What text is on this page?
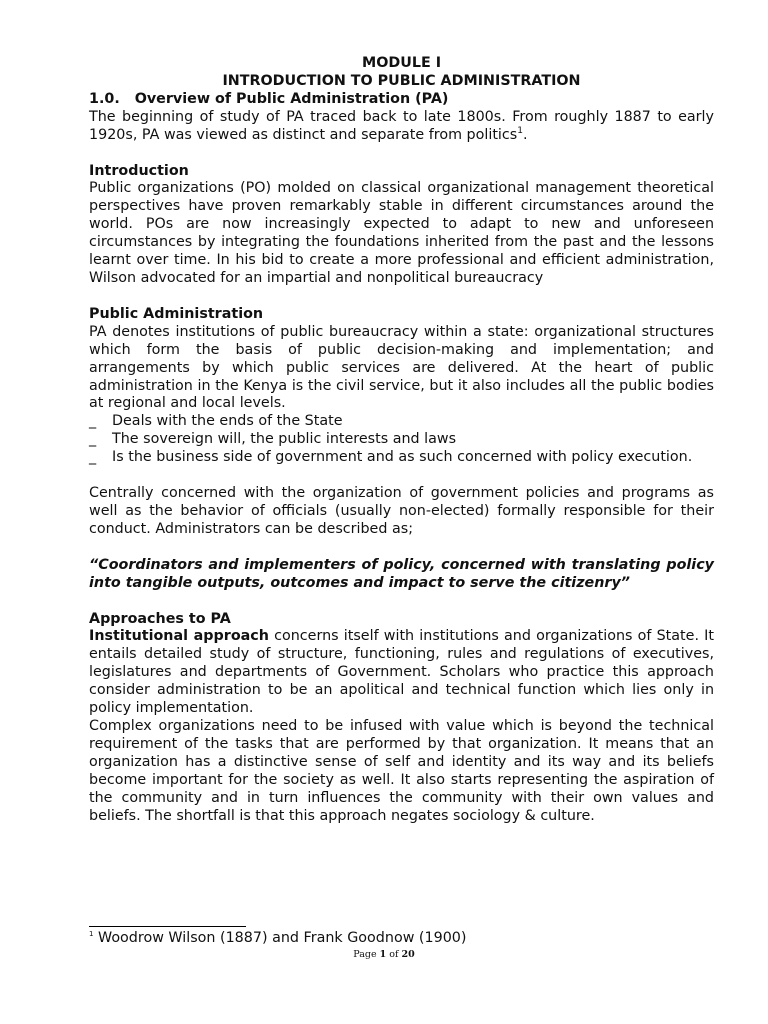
MODULE I
INTRODUCTION TO PUBLIC ADMINISTRATION
1.0. Overview of Public Administration (PA)

The beginning of study of PA traced back to late 1800s. From roughly 1887 to early 1920s, PA was viewed as distinct and separate from politics$^1$.

Introduction

Public organizations (PO) molded on classical organizational management theoretical perspectives have proven remarkably stable in different circumstances around the world. POs are now increasingly expected to adapt to new and unforeseen circumstances by integrating the foundations inherited from the past and the lessons learnt over time. In his bid to create a more professional and efficient administration, Wilson advocated for an impartial and nonpolitical bureaucracy

Public Administration

PA denotes institutions of public bureaucracy within a state: organizational structures which form the basis of public decision-making and implementation; and arrangements by which public services are delivered. At the heart of public administration in the Kenya is the civil service, but it also includes all the public bodies at regional and local levels.

_ Deals with the ends of the State
_ The sovereign will, the public interests and laws
_ Is the business side of government and as such concerned with policy execution.

Centrally concerned with the organization of government policies and programs as well as the behavior of officials (usually non-elected) formally responsible for their conduct. Administrators can be described as;

“Coordinators and implementers of policy, concerned with translating policy into tangible outputs, outcomes and impact to serve the citizenry”

Approaches to PA

Institutional approach concerns itself with institutions and organizations of State. It entails detailed study of structure, functioning, rules and regulations of executives, legislatures and departments of Government. Scholars who practice this approach consider administration to be an apolitical and technical function which lies only in policy implementation.

Complex organizations need to be infused with value which is beyond the technical requirement of the tasks that are performed by that organization. It means that an organization has a distinctive sense of self and identity and its way and its beliefs become important for the society as well. It also starts representing the aspiration of the community and in turn influences the community with their own values and beliefs. The shortfall is that this approach negates sociology & culture.

$^1$ Woodrow Wilson (1887) and Frank Goodnow (1900)
Page 1 of 20
